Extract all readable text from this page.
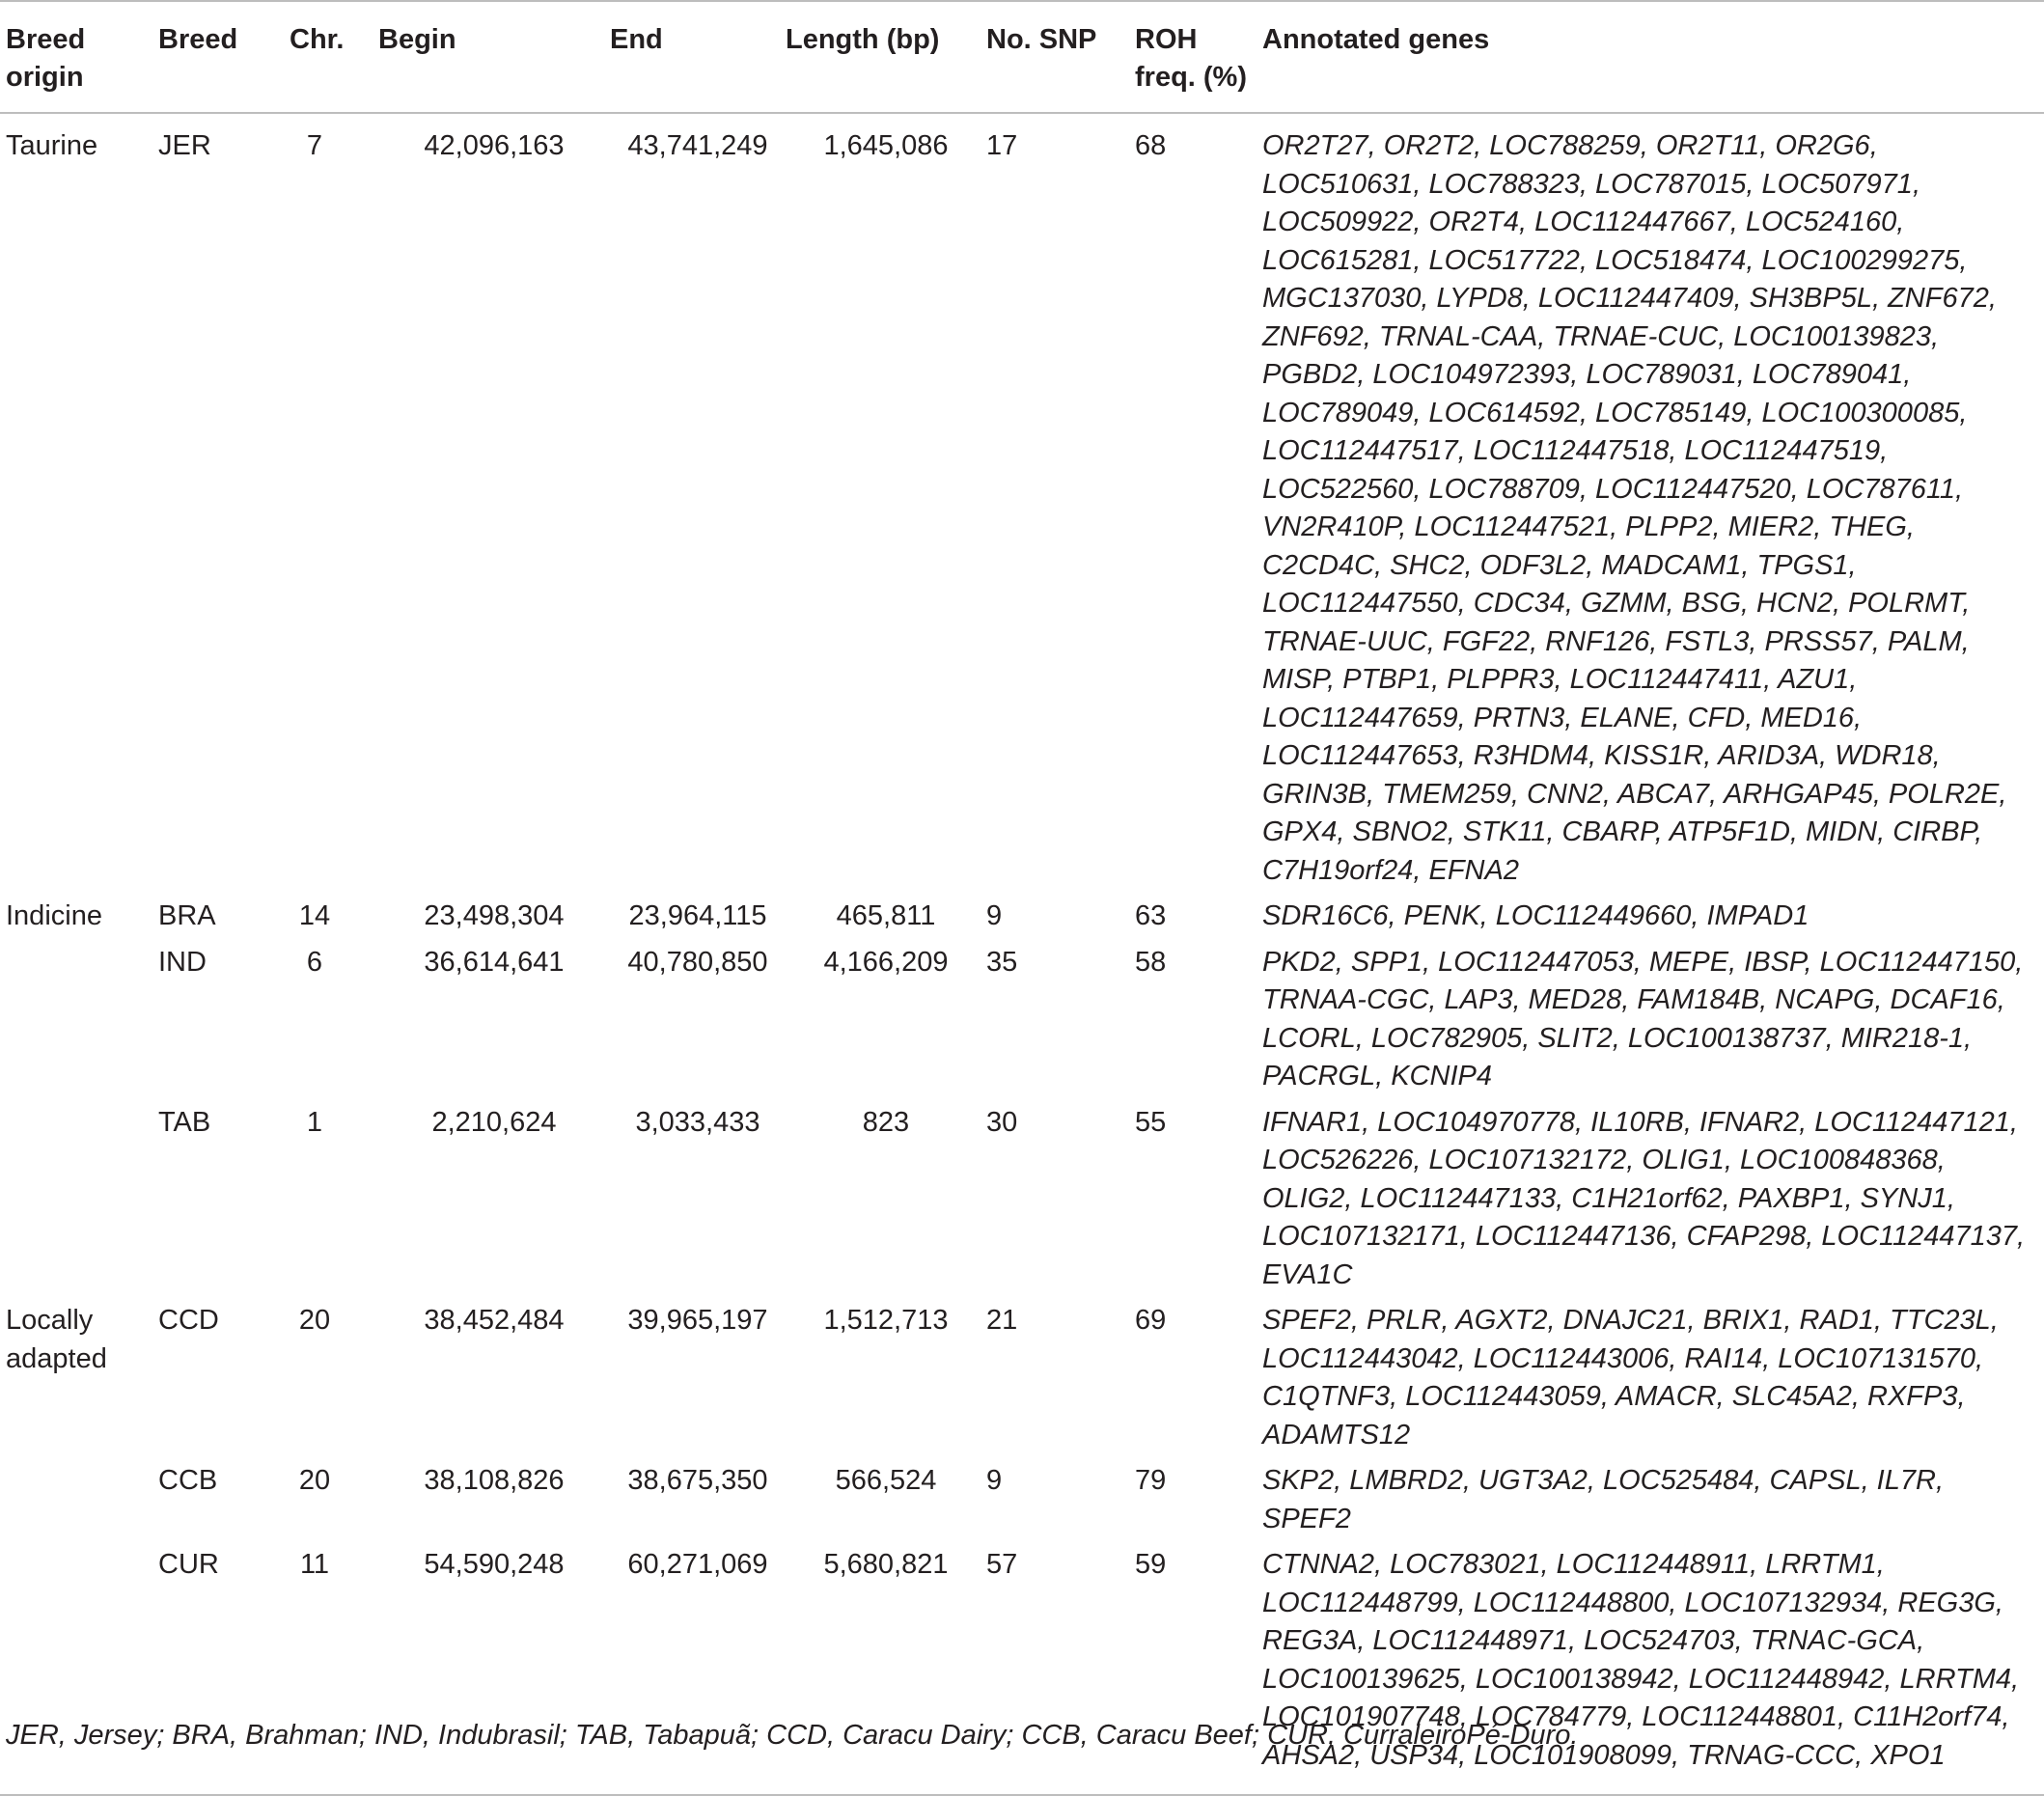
Breed origin	Breed	Chr.	Begin	End	Length (bp)	No. SNP	ROH freq. (%)	Annotated genes
Taurine	JER	7	42,096,163	43,741,249	1,645,086	17	68	OR2T27, OR2T2, LOC788259, OR2T11, OR2G6, LOC510631, LOC788323, LOC787015, LOC507971, LOC509922, OR2T4, LOC112447667, LOC524160, LOC615281, LOC517722, LOC518474, LOC100299275, MGC137030, LYPD8, LOC112447409, SH3BP5L, ZNF672, ZNF692, TRNAL-CAA, TRNAE-CUC, LOC100139823, PGBD2, LOC104972393, LOC789031, LOC789041, LOC789049, LOC614592, LOC785149, LOC100300085, LOC112447517, LOC112447518, LOC112447519, LOC522560, LOC788709, LOC112447520, LOC787611, VN2R410P, LOC112447521, PLPP2, MIER2, THEG, C2CD4C, SHC2, ODF3L2, MADCAM1, TPGS1, LOC112447550, CDC34, GZMM, BSG, HCN2, POLRMT, TRNAE-UUC, FGF22, RNF126, FSTL3, PRSS57, PALM, MISP, PTBP1, PLPPR3, LOC112447411, AZU1, LOC112447659, PRTN3, ELANE, CFD, MED16, LOC112447653, R3HDM4, KISS1R, ARID3A, WDR18, GRIN3B, TMEM259, CNN2, ABCA7, ARHGAP45, POLR2E, GPX4, SBNO2, STK11, CBARP, ATP5F1D, MIDN, CIRBP, C7H19orf24, EFNA2
Indicine	BRA	14	23,498,304	23,964,115	465,811	9	63	SDR16C6, PENK, LOC112449660, IMPAD1
	IND	6	36,614,641	40,780,850	4,166,209	35	58	PKD2, SPP1, LOC112447053, MEPE, IBSP, LOC112447150, TRNAA-CGC, LAP3, MED28, FAM184B, NCAPG, DCAF16, LCORL, LOC782905, SLIT2, LOC100138737, MIR218-1, PACRGL, KCNIP4
	TAB	1	2,210,624	3,033,433	823	30	55	IFNAR1, LOC104970778, IL10RB, IFNAR2, LOC112447121, LOC526226, LOC107132172, OLIG1, LOC100848368, OLIG2, LOC112447133, C1H21orf62, PAXBP1, SYNJ1, LOC107132171, LOC112447136, CFAP298, LOC112447137, EVA1C
Locally adapted	CCD	20	38,452,484	39,965,197	1,512,713	21	69	SPEF2, PRLR, AGXT2, DNAJC21, BRIX1, RAD1, TTC23L, LOC112443042, LOC112443006, RAI14, LOC107131570, C1QTNF3, LOC112443059, AMACR, SLC45A2, RXFP3, ADAMTS12
	CCB	20	38,108,826	38,675,350	566,524	9	79	SKP2, LMBRD2, UGT3A2, LOC525484, CAPSL, IL7R, SPEF2
	CUR	11	54,590,248	60,271,069	5,680,821	57	59	CTNNA2, LOC783021, LOC112448911, LRRTM1, LOC112448799, LOC112448800, LOC107132934, REG3G, REG3A, LOC112448971, LOC524703, TRNAC-GCA, LOC100139625, LOC100138942, LOC112448942, LRRTM4, LOC101907748, LOC784779, LOC112448801, C11H2orf74, AHSA2, USP34, LOC101908099, TRNAG-CCC, XPO1
JER, Jersey; BRA, Brahman; IND, Indubrasil; TAB, Tabapuã; CCD, Caracu Dairy; CCB, Caracu Beef; CUR, CurraleiroPé-Duro.
